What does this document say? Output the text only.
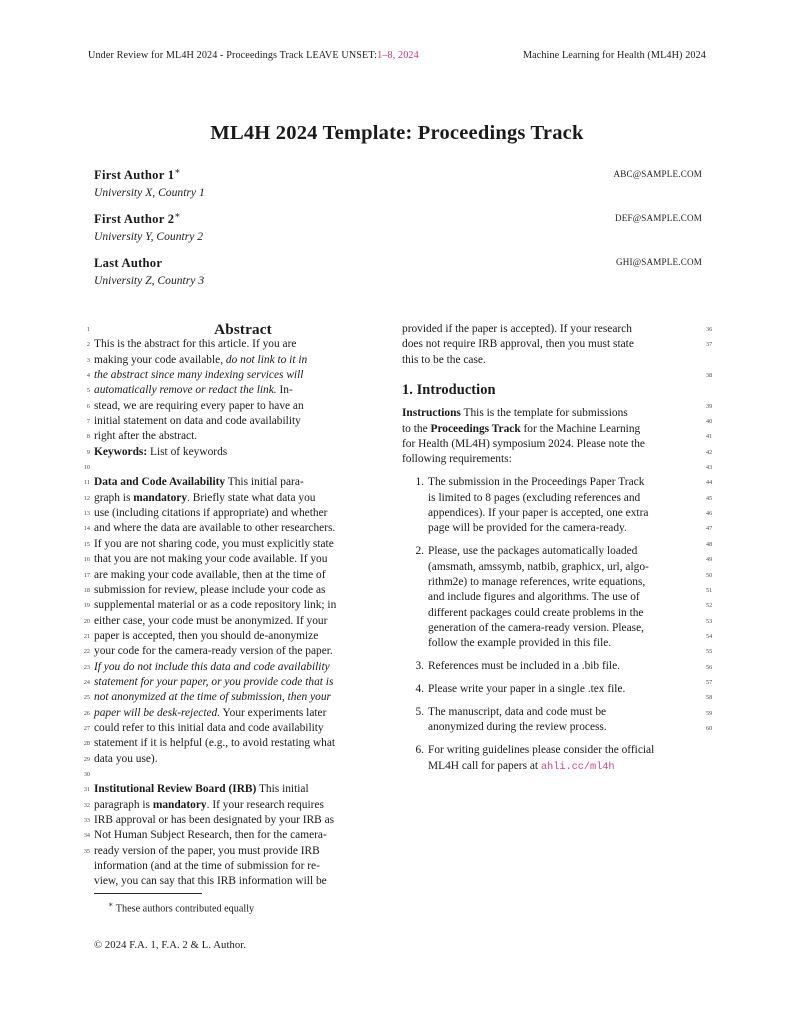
Under Review for ML4H 2024 - Proceedings Track LEAVE UNSET:1–8, 2024	Machine Learning for Health (ML4H) 2024
ML4H 2024 Template: Proceedings Track
First Author 1∗
University X, Country 1
ABC@SAMPLE.COM
First Author 2∗
University Y, Country 2
DEF@SAMPLE.COM
Last Author
University Z, Country 3
GHI@SAMPLE.COM
1
2
3
4
5
6
7
8
9
10
11
12
13
14
15
16
17
18
19
20
21
22
23
24
25
26
27
28
29
30
31
32
33
34
35
36
37
38
39
40
41
42
43
44
45
46
47
48
49
50
51
52
53
54
55
56
57
58
59
60
Abstract
This is the abstract for this article. If you are
making your code available, do not link to it in
the abstract since many indexing services will
automatically remove or redact the link. In-
stead, we are requiring every paper to have an
initial statement on data and code availability
right after the abstract.
Keywords: List of keywords
Data and Code Availability This initial para-
graph is mandatory. Briefly state what data you
use (including citations if appropriate) and whether
and where the data are available to other researchers.
If you are not sharing code, you must explicitly state
that you are not making your code available. If you
are making your code available, then at the time of
submission for review, please include your code as
supplemental material or as a code repository link; in
either case, your code must be anonymized. If your
paper is accepted, then you should de-anonymize
your code for the camera-ready version of the paper.
If you do not include this data and code availability
statement for your paper, or you provide code that is
not anonymized at the time of submission, then your
paper will be desk-rejected. Your experiments later
could refer to this initial data and code availability
statement if it is helpful (e.g., to avoid restating what
data you use).
Institutional Review Board (IRB) This initial
paragraph is mandatory. If your research requires
IRB approval or has been designated by your IRB as
Not Human Subject Research, then for the camera-
ready version of the paper, you must provide IRB
information (and at the time of submission for re-
view, you can say that this IRB information will be
provided if the paper is accepted). If your research
does not require IRB approval, then you must state
this to be the case.
1. Introduction
Instructions This is the template for submissions
to the Proceedings Track for the Machine Learning
for Health (ML4H) symposium 2024. Please note the
following requirements:
1. The submission in the Proceedings Paper Track
is limited to 8 pages (excluding references and
appendices). If your paper is accepted, one extra
page will be provided for the camera-ready.
2. Please, use the packages automatically loaded
(amsmath, amssymb, natbib, graphicx, url, algo-
rithm2e) to manage references, write equations,
and include figures and algorithms. The use of
different packages could create problems in the
generation of the camera-ready version. Please,
follow the example provided in this file.
3. References must be included in a .bib file.
4. Please write your paper in a single .tex file.
5. The manuscript, data and code must be
anonymized during the review process.
6. For writing guidelines please consider the official
ML4H call for papers at ahli.cc/ml4h
∗ These authors contributed equally
© 2024 F.A. 1, F.A. 2 & L. Author.
